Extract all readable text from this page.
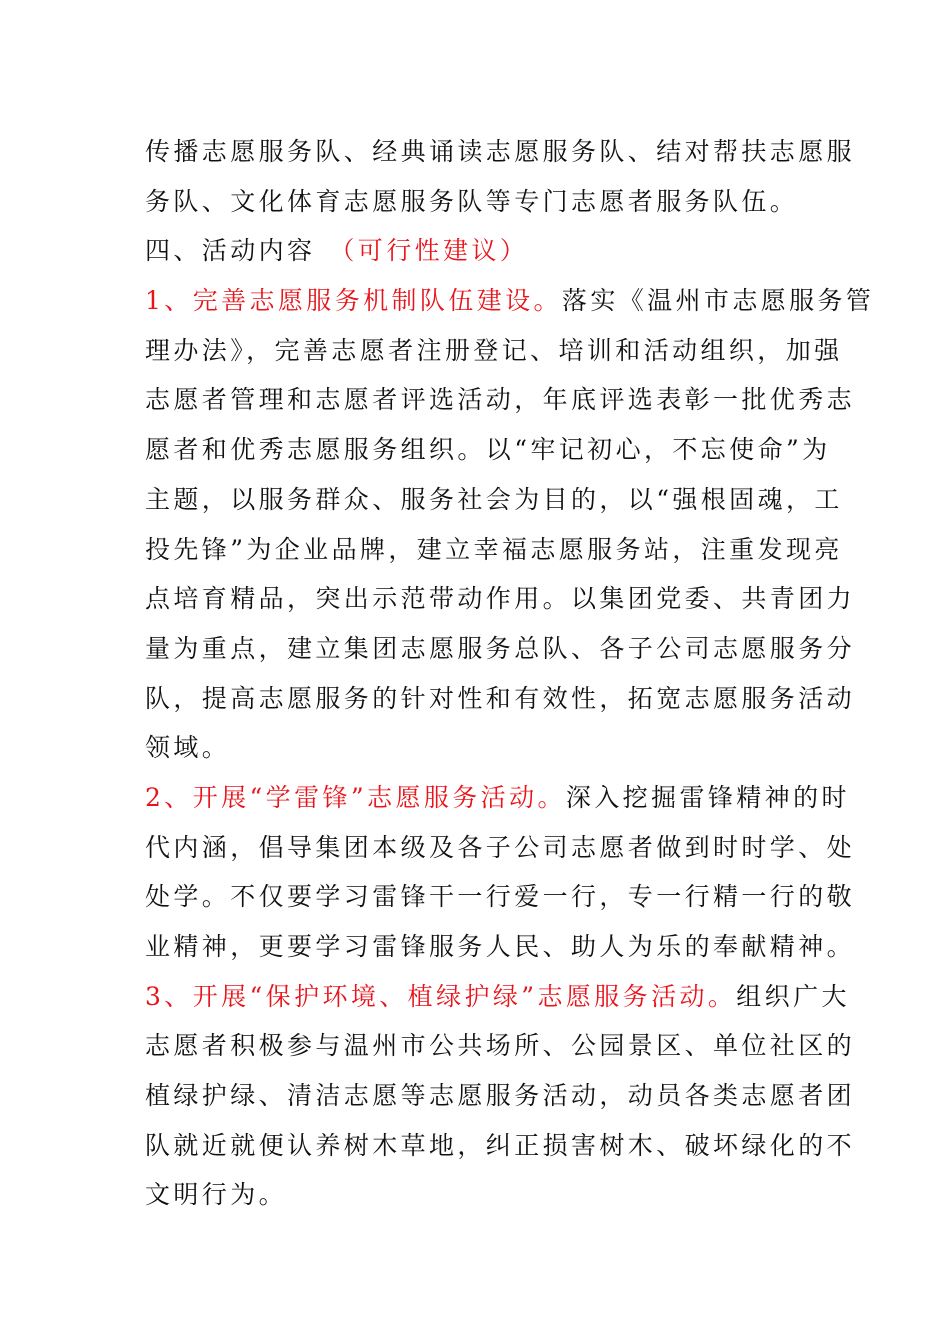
传播志愿服务队、经典诵读志愿服务队、结对帮扶志愿服
务队、文化体育志愿服务队等专门志愿者服务队伍。
四、活动内容 （可行性建议）
1、完善志愿服务机制队伍建设。落实《温州市志愿服务管
理办法》，完善志愿者注册登记、培训和活动组织，加强
志愿者管理和志愿者评选活动，年底评选表彰一批优秀志
愿者和优秀志愿服务组织。以“牢记初心，不忘使命”为
主题，以服务群众、服务社会为目的，以“强根固魂，工
投先锋”为企业品牌，建立幸福志愿服务站，注重发现亮
点培育精品，突出示范带动作用。以集团党委、共青团力
量为重点，建立集团志愿服务总队、各子公司志愿服务分
队，提高志愿服务的针对性和有效性，拓宽志愿服务活动
领域。
2、开展“学雷锋”志愿服务活动。深入挖掘雷锋精神的时
代内涵，倡导集团本级及各子公司志愿者做到时时学、处
处学。不仅要学习雷锋干一行爱一行，专一行精一行的敬
业精神，更要学习雷锋服务人民、助人为乐的奉献精神。
3、开展“保护环境、植绿护绿”志愿服务活动。组织广大
志愿者积极参与温州市公共场所、公园景区、单位社区的
植绿护绿、清洁志愿等志愿服务活动，动员各类志愿者团
队就近就便认养树木草地，纠正损害树木、破坏绿化的不
文明行为。
